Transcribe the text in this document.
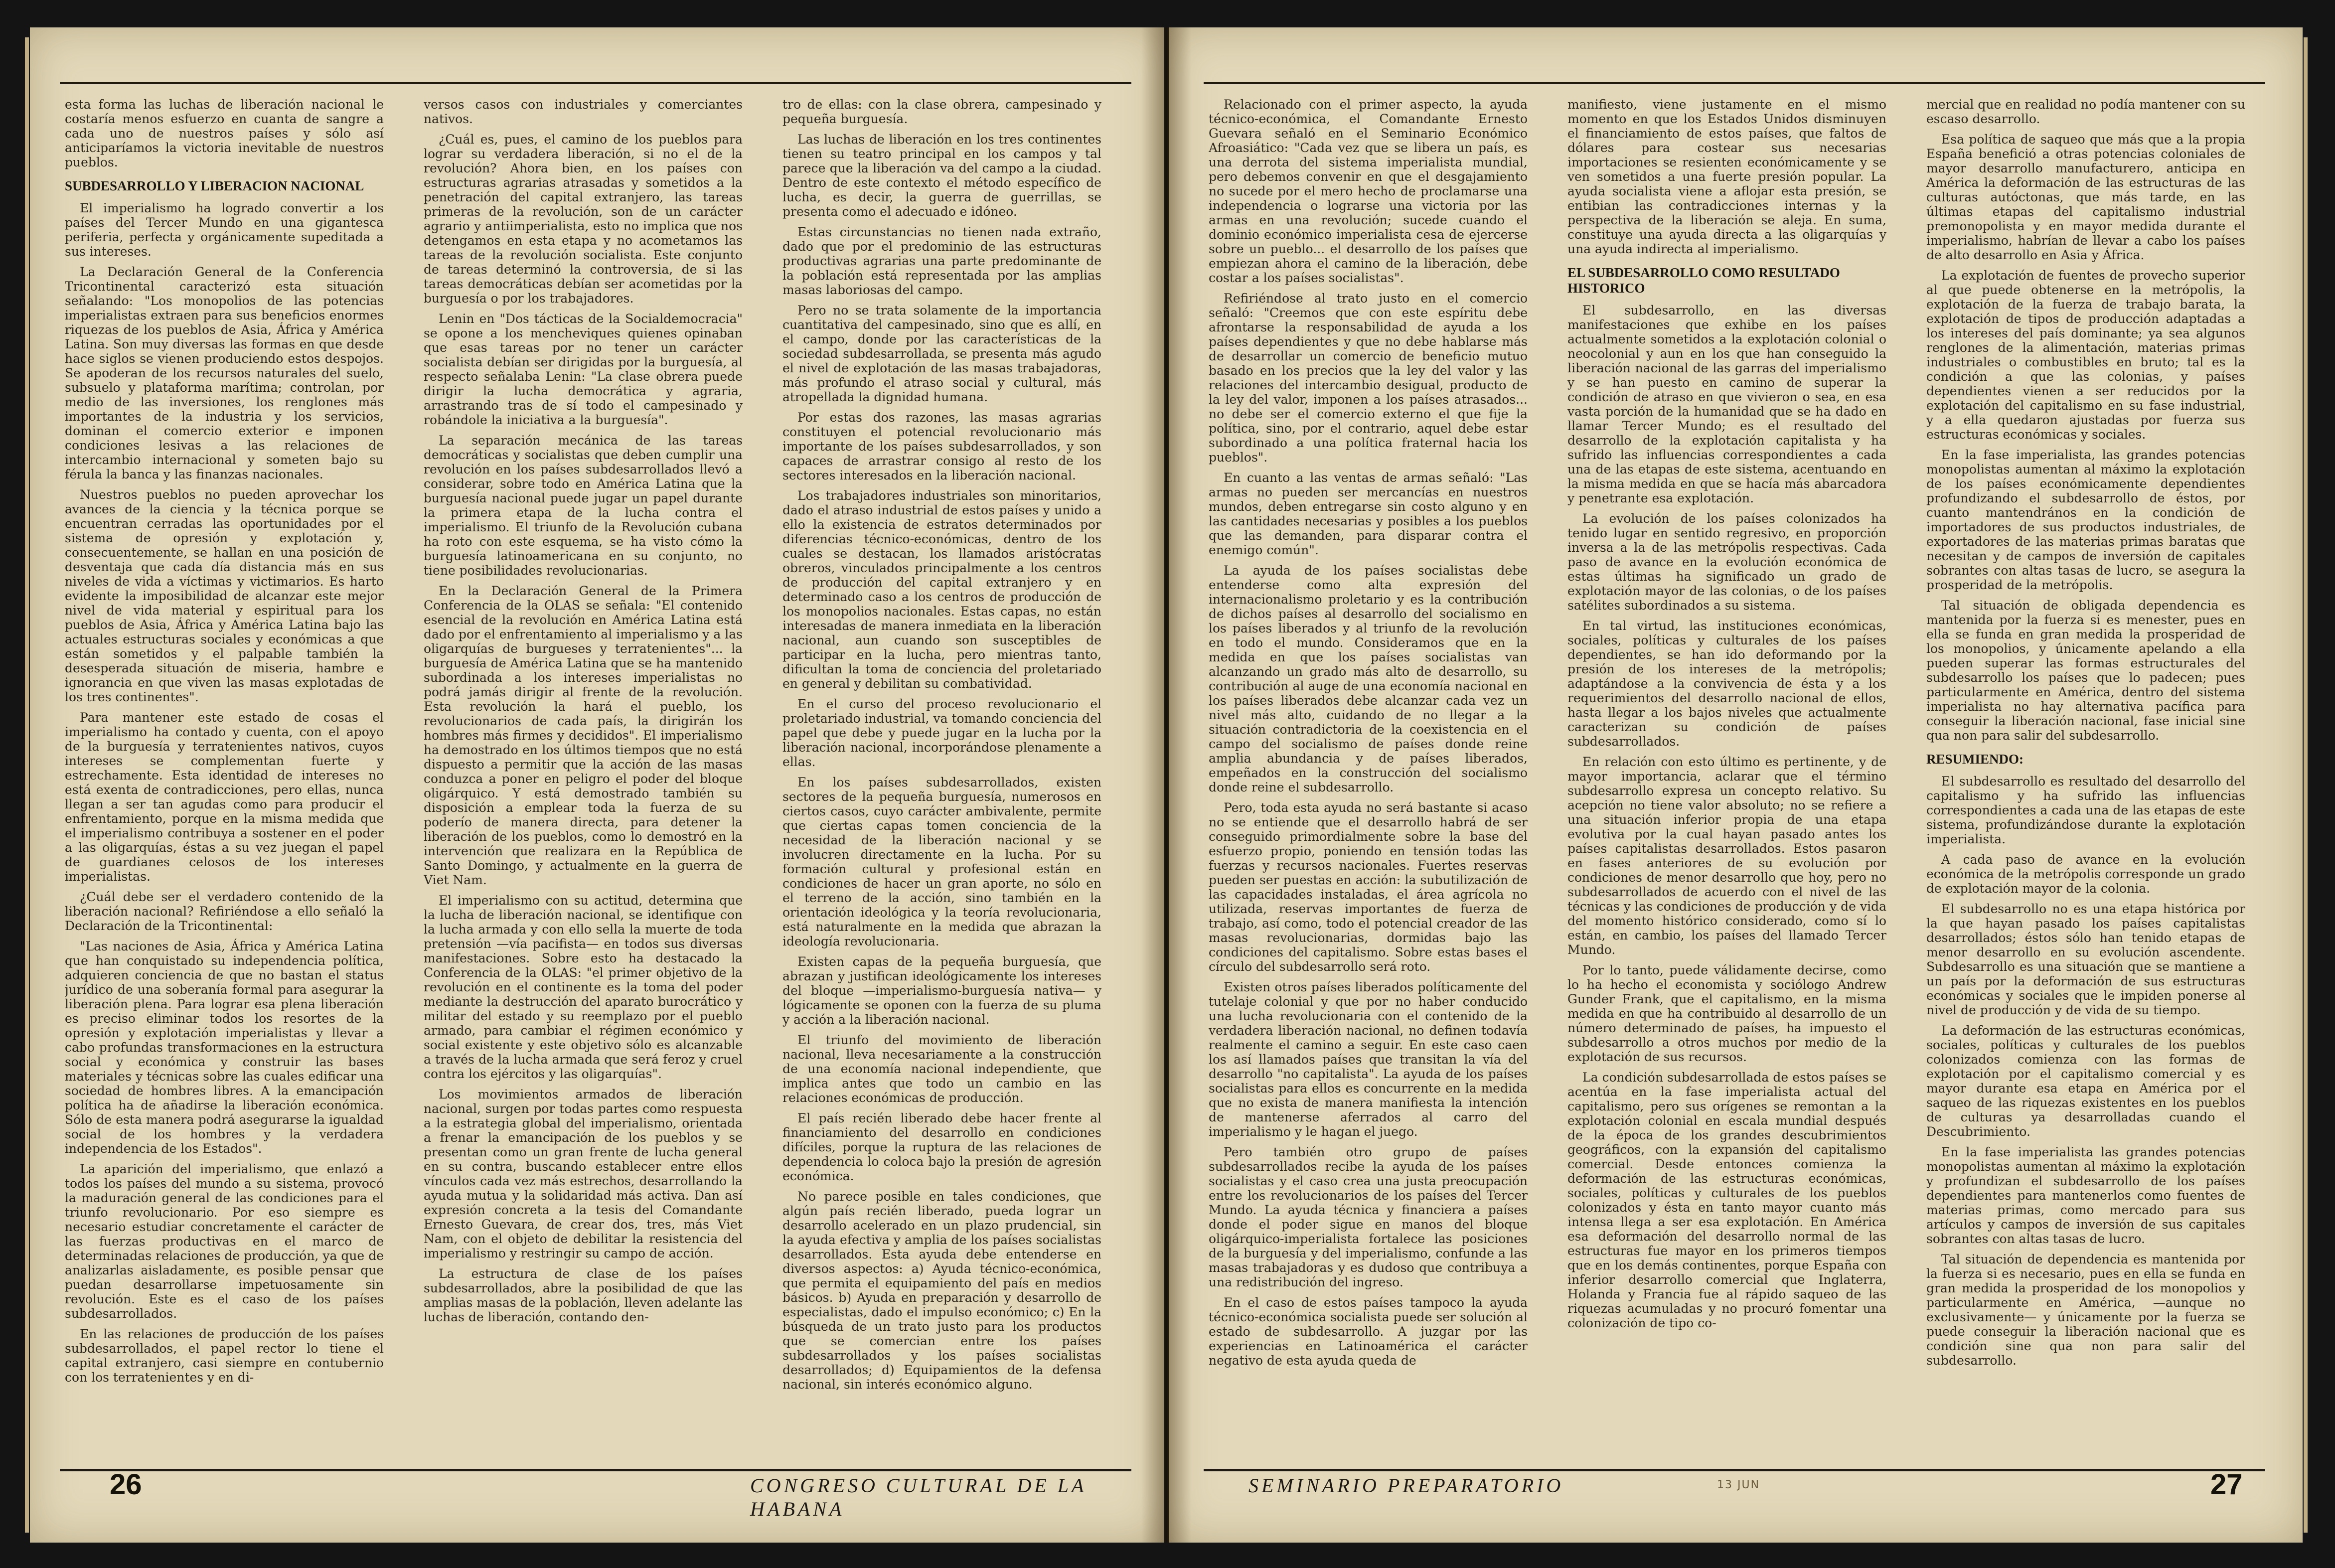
esta forma las luchas de liberación nacional le costaría menos esfuerzo en cuanta de sangre a cada uno de nuestros países y sólo así anticiparíamos la victoria inevitable de nuestros pueblos.

SUBDESARROLLO Y LIBERACION NACIONAL

El imperialismo ha logrado convertir a los países del Tercer Mundo en una gigantesca periferia, perfecta y orgánicamente supeditada a sus intereses.

La Declaración General de la Conferencia Tricontinental caracterizó esta situación señalando: "Los monopolios de las potencias imperialistas extraen para sus beneficios enormes riquezas de los pueblos de Asia, África y América Latina. Son muy diversas las formas en que desde hace siglos se vienen produciendo estos despojos. Se apoderan de los recursos naturales del suelo, subsuelo y plataforma marítima; controlan, por medio de las inversiones, los renglones más importantes de la industria y los servicios, dominan el comercio exterior e imponen condiciones lesivas a las relaciones de intercambio internacional y someten bajo su férula la banca y las finanzas nacionales.

Nuestros pueblos no pueden aprovechar los avances de la ciencia y la técnica porque se encuentran cerradas las oportunidades por el sistema de opresión y explotación y, consecuentemente, se hallan en una posición de desventaja que cada día distancia más en sus niveles de vida a víctimas y victimarios. Es harto evidente la imposibilidad de alcanzar este mejor nivel de vida material y espiritual para los pueblos de Asia, África y América Latina bajo las actuales estructuras sociales y económicas a que están sometidos y el palpable también la desesperada situación de miseria, hambre e ignorancia en que viven las masas explotadas de los tres continentes".

Para mantener este estado de cosas el imperialismo ha contado y cuenta, con el apoyo de la burguesía y terratenientes nativos, cuyos intereses se complementan fuerte y estrechamente. Esta identidad de intereses no está exenta de contradicciones, pero ellas, nunca llegan a ser tan agudas como para producir el enfrentamiento, porque en la misma medida que el imperialismo contribuya a sostener en el poder a las oligarquías, éstas a su vez juegan el papel de guardianes celosos de los intereses imperialistas.

¿Cuál debe ser el verdadero contenido de la liberación nacional? Refiriéndose a ello señaló la Declaración de la Tricontinental:

"Las naciones de Asia, África y América Latina que han conquistado su independencia política, adquieren conciencia de que no bastan el status jurídico de una soberanía formal para asegurar la liberación plena. Para lograr esa plena liberación es preciso eliminar todos los resortes de la opresión y explotación imperialistas y llevar a cabo profundas transformaciones en la estructura social y económica y construir las bases materiales y técnicas sobre las cuales edificar una sociedad de hombres libres. A la emancipación política ha de añadirse la liberación económica. Sólo de esta manera podrá asegurarse la igualdad social de los hombres y la verdadera independencia de los Estados".

La aparición del imperialismo, que enlazó a todos los países del mundo a su sistema, provocó la maduración general de las condiciones para el triunfo revolucionario. Por eso siempre es necesario estudiar concretamente el carácter de las fuerzas productivas en el marco de determinadas relaciones de producción, ya que de analizarlas aisladamente, es posible pensar que puedan desarrollarse impetuosamente sin revolución. Este es el caso de los países subdesarrollados.

En las relaciones de producción de los países subdesarrollados, el papel rector lo tiene el capital extranjero, casi siempre en contubernio con los terratenientes y en di-

versos casos con industriales y comerciantes nativos.

¿Cuál es, pues, el camino de los pueblos para lograr su verdadera liberación, si no el de la revolución? Ahora bien, en los países con estructuras agrarias atrasadas y sometidos a la penetración del capital extranjero, las tareas primeras de la revolución, son de un carácter agrario y antiimperialista, esto no implica que nos detengamos en esta etapa y no acometamos las tareas de la revolución socialista. Este conjunto de tareas determinó la controversia, de si las tareas democráticas debían ser acometidas por la burguesía o por los trabajadores.

Lenin en "Dos tácticas de la Socialdemocracia" se opone a los mencheviques quienes opinaban que esas tareas por no tener un carácter socialista debían ser dirigidas por la burguesía, al respecto señalaba Lenin: "La clase obrera puede dirigir la lucha democrática y agraria, arrastrando tras de sí todo el campesinado y robándole la iniciativa a la burguesía".

La separación mecánica de las tareas democráticas y socialistas que deben cumplir una revolución en los países subdesarrollados llevó a considerar, sobre todo en América Latina que la burguesía nacional puede jugar un papel durante la primera etapa de la lucha contra el imperialismo. El triunfo de la Revolución cubana ha roto con este esquema, se ha visto cómo la burguesía latinoamericana en su conjunto, no tiene posibilidades revolucionarias.

En la Declaración General de la Primera Conferencia de la OLAS se señala: "El contenido esencial de la revolución en América Latina está dado por el enfrentamiento al imperialismo y a las oligarquías de burgueses y terratenientes"... la burguesía de América Latina que se ha mantenido subordinada a los intereses imperialistas no podrá jamás dirigir al frente de la revolución. Esta revolución la hará el pueblo, los revolucionarios de cada país, la dirigirán los hombres más firmes y decididos". El imperialismo ha demostrado en los últimos tiempos que no está dispuesto a permitir que la acción de las masas conduzca a poner en peligro el poder del bloque oligárquico. Y está demostrado también su disposición a emplear toda la fuerza de su poderío de manera directa, para detener la liberación de los pueblos, como lo demostró en la intervención que realizara en la República de Santo Domingo, y actualmente en la guerra de Viet Nam.

El imperialismo con su actitud, determina que la lucha de liberación nacional, se identifique con la lucha armada y con ello sella la muerte de toda pretensión —vía pacifista— en todos sus diversas manifestaciones. Sobre esto ha destacado la Conferencia de la OLAS: "el primer objetivo de la revolución en el continente es la toma del poder mediante la destrucción del aparato burocrático y militar del estado y su reemplazo por el pueblo armado, para cambiar el régimen económico y social existente y este objetivo sólo es alcanzable a través de la lucha armada que será feroz y cruel contra los ejércitos y las oligarquías".

Los movimientos armados de liberación nacional, surgen por todas partes como respuesta a la estrategia global del imperialismo, orientada a frenar la emancipación de los pueblos y se presentan como un gran frente de lucha general en su contra, buscando establecer entre ellos vínculos cada vez más estrechos, desarrollando la ayuda mutua y la solidaridad más activa. Dan así expresión concreta a la tesis del Comandante Ernesto Guevara, de crear dos, tres, más Viet Nam, con el objeto de debilitar la resistencia del imperialismo y restringir su campo de acción.

La estructura de clase de los países subdesarrollados, abre la posibilidad de que las amplias masas de la población, lleven adelante las luchas de liberación, contando den-

tro de ellas: con la clase obrera, campesinado y pequeña burguesía.

Las luchas de liberación en los tres continentes tienen su teatro principal en los campos y tal parece que la liberación va del campo a la ciudad. Dentro de este contexto el método específico de lucha, es decir, la guerra de guerrillas, se presenta como el adecuado e idóneo.

Estas circunstancias no tienen nada extraño, dado que por el predominio de las estructuras productivas agrarias una parte predominante de la población está representada por las amplias masas laboriosas del campo.

Pero no se trata solamente de la importancia cuantitativa del campesinado, sino que es allí, en el campo, donde por las características de la sociedad subdesarrollada, se presenta más agudo el nivel de explotación de las masas trabajadoras, más profundo el atraso social y cultural, más atropellada la dignidad humana.

Por estas dos razones, las masas agrarias constituyen el potencial revolucionario más importante de los países subdesarrollados, y son capaces de arrastrar consigo al resto de los sectores interesados en la liberación nacional.

Los trabajadores industriales son minoritarios, dado el atraso industrial de estos países y unido a ello la existencia de estratos determinados por diferencias técnico-económicas, dentro de los cuales se destacan, los llamados aristócratas obreros, vinculados principalmente a los centros de producción del capital extranjero y en determinado caso a los centros de producción de los monopolios nacionales. Estas capas, no están interesadas de manera inmediata en la liberación nacional, aun cuando son susceptibles de participar en la lucha, pero mientras tanto, dificultan la toma de conciencia del proletariado en general y debilitan su combatividad.

En el curso del proceso revolucionario el proletariado industrial, va tomando conciencia del papel que debe y puede jugar en la lucha por la liberación nacional, incorporándose plenamente a ellas.

En los países subdesarrollados, existen sectores de la pequeña burguesía, numerosos en ciertos casos, cuyo carácter ambivalente, permite que ciertas capas tomen conciencia de la necesidad de la liberación nacional y se involucren directamente en la lucha. Por su formación cultural y profesional están en condiciones de hacer un gran aporte, no sólo en el terreno de la acción, sino también en la orientación ideológica y la teoría revolucionaria, está naturalmente en la medida que abrazan la ideología revolucionaria.

Existen capas de la pequeña burguesía, que abrazan y justifican ideológicamente los intereses del bloque —imperialismo-burguesía nativa— y lógicamente se oponen con la fuerza de su pluma y acción a la liberación nacional.

El triunfo del movimiento de liberación nacional, lleva necesariamente a la construcción de una economía nacional independiente, que implica antes que todo un cambio en las relaciones económicas de producción.

El país recién liberado debe hacer frente al financiamiento del desarrollo en condiciones difíciles, porque la ruptura de las relaciones de dependencia lo coloca bajo la presión de agresión económica.

No parece posible en tales condiciones, que algún país recién liberado, pueda lograr un desarrollo acelerado en un plazo prudencial, sin la ayuda efectiva y amplia de los países socialistas desarrollados. Esta ayuda debe entenderse en diversos aspectos: a) Ayuda técnico-económica, que permita el equipamiento del país en medios básicos. b) Ayuda en preparación y desarrollo de especialistas, dado el impulso económico; c) En la búsqueda de un trato justo para los productos que se comercian entre los países subdesarrollados y los países socialistas desarrollados; d) Equipamientos de la defensa nacional, sin interés económico alguno.

26	CONGRESO CULTURAL DE LA HABANA

Relacionado con el primer aspecto, la ayuda técnico-económica, el Comandante Ernesto Guevara señaló en el Seminario Económico Afroasiático: "Cada vez que se libera un país, es una derrota del sistema imperialista mundial, pero debemos convenir en que el desgajamiento no sucede por el mero hecho de proclamarse una independencia o lograrse una victoria por las armas en una revolución; sucede cuando el dominio económico imperialista cesa de ejercerse sobre un pueblo... el desarrollo de los países que empiezan ahora el camino de la liberación, debe costar a los países socialistas".

Refiriéndose al trato justo en el comercio señaló: "Creemos que con este espíritu debe afrontarse la responsabilidad de ayuda a los países dependientes y que no debe hablarse más de desarrollar un comercio de beneficio mutuo basado en los precios que la ley del valor y las relaciones del intercambio desigual, producto de la ley del valor, imponen a los países atrasados... no debe ser el comercio externo el que fije la política, sino, por el contrario, aquel debe estar subordinado a una política fraternal hacia los pueblos".

En cuanto a las ventas de armas señaló: "Las armas no pueden ser mercancías en nuestros mundos, deben entregarse sin costo alguno y en las cantidades necesarias y posibles a los pueblos que las demanden, para disparar contra el enemigo común".

La ayuda de los países socialistas debe entenderse como alta expresión del internacionalismo proletario y es la contribución de dichos países al desarrollo del socialismo en los países liberados y al triunfo de la revolución en todo el mundo. Consideramos que en la medida en que los países socialistas van alcanzando un grado más alto de desarrollo, su contribución al auge de una economía nacional en los países liberados debe alcanzar cada vez un nivel más alto, cuidando de no llegar a la situación contradictoria de la coexistencia en el campo del socialismo de países donde reine amplia abundancia y de países liberados, empeñados en la construcción del socialismo donde reine el subdesarrollo.

Pero, toda esta ayuda no será bastante si acaso no se entiende que el desarrollo habrá de ser conseguido primordialmente sobre la base del esfuerzo propio, poniendo en tensión todas las fuerzas y recursos nacionales. Fuertes reservas pueden ser puestas en acción: la subutilización de las capacidades instaladas, el área agrícola no utilizada, reservas importantes de fuerza de trabajo, así como, todo el potencial creador de las masas revolucionarias, dormidas bajo las condiciones del capitalismo. Sobre estas bases el círculo del subdesarrollo será roto.

Existen otros países liberados políticamente del tutelaje colonial y que por no haber conducido una lucha revolucionaria con el contenido de la verdadera liberación nacional, no definen todavía realmente el camino a seguir. En este caso caen los así llamados países que transitan la vía del desarrollo "no capitalista". La ayuda de los países socialistas para ellos es concurrente en la medida que no exista de manera manifiesta la intención de mantenerse aferrados al carro del imperialismo y le hagan el juego.

Pero también otro grupo de países subdesarrollados recibe la ayuda de los países socialistas y el caso crea una justa preocupación entre los revolucionarios de los países del Tercer Mundo. La ayuda técnica y financiera a países donde el poder sigue en manos del bloque oligárquico-imperialista fortalece las posiciones de la burguesía y del imperialismo, confunde a las masas trabajadoras y es dudoso que contribuya a una redistribución del ingreso.

En el caso de estos países tampoco la ayuda técnico-económica socialista puede ser solución al estado de subdesarrollo. A juzgar por las experiencias en Latinoamérica el carácter negativo de esta ayuda queda de

manifiesto, viene justamente en el mismo momento en que los Estados Unidos disminuyen el financiamiento de estos países, que faltos de dólares para costear sus necesarias importaciones se resienten económicamente y se ven sometidos a una fuerte presión popular. La ayuda socialista viene a aflojar esta presión, se entibian las contradicciones internas y la perspectiva de la liberación se aleja. En suma, constituye una ayuda directa a las oligarquías y una ayuda indirecta al imperialismo.

EL SUBDESARROLLO COMO RESULTADO HISTORICO

El subdesarrollo, en las diversas manifestaciones que exhibe en los países actualmente sometidos a la explotación colonial o neocolonial y aun en los que han conseguido la liberación nacional de las garras del imperialismo y se han puesto en camino de superar la condición de atraso en que vivieron o sea, en esa vasta porción de la humanidad que se ha dado en llamar Tercer Mundo; es el resultado del desarrollo de la explotación capitalista y ha sufrido las influencias correspondientes a cada una de las etapas de este sistema, acentuando en la misma medida en que se hacía más abarcadora y penetrante esa explotación.

La evolución de los países colonizados ha tenido lugar en sentido regresivo, en proporción inversa a la de las metrópolis respectivas. Cada paso de avance en la evolución económica de estas últimas ha significado un grado de explotación mayor de las colonias, o de los países satélites subordinados a su sistema.

En tal virtud, las instituciones económicas, sociales, políticas y culturales de los países dependientes, se han ido deformando por la presión de los intereses de la metrópolis; adaptándose a la convivencia de ésta y a los requerimientos del desarrollo nacional de ellos, hasta llegar a los bajos niveles que actualmente caracterizan su condición de países subdesarrollados.

En relación con esto último es pertinente, y de mayor importancia, aclarar que el término subdesarrollo expresa un concepto relativo. Su acepción no tiene valor absoluto; no se refiere a una situación inferior propia de una etapa evolutiva por la cual hayan pasado antes los países capitalistas desarrollados. Estos pasaron en fases anteriores de su evolución por condiciones de menor desarrollo que hoy, pero no subdesarrollados de acuerdo con el nivel de las técnicas y las condiciones de producción y de vida del momento histórico considerado, como sí lo están, en cambio, los países del llamado Tercer Mundo.

Por lo tanto, puede válidamente decirse, como lo ha hecho el economista y sociólogo Andrew Gunder Frank, que el capitalismo, en la misma medida en que ha contribuido al desarrollo de un número determinado de países, ha impuesto el subdesarrollo a otros muchos por medio de la explotación de sus recursos.

La condición subdesarrollada de estos países se acentúa en la fase imperialista actual del capitalismo, pero sus orígenes se remontan a la explotación colonial en escala mundial después de la época de los grandes descubrimientos geográficos, con la expansión del capitalismo comercial. Desde entonces comienza la deformación de las estructuras económicas, sociales, políticas y culturales de los pueblos colonizados y ésta en tanto mayor cuanto más intensa llega a ser esa explotación. En América esa deformación del desarrollo normal de las estructuras fue mayor en los primeros tiempos que en los demás continentes, porque España con inferior desarrollo comercial que Inglaterra, Holanda y Francia fue al rápido saqueo de las riquezas acumuladas y no procuró fomentar una colonización de tipo co-

mercial que en realidad no podía mantener con su escaso desarrollo.

Esa política de saqueo que más que a la propia España benefició a otras potencias coloniales de mayor desarrollo manufacturero, anticipa en América la deformación de las estructuras de las culturas autóctonas, que más tarde, en las últimas etapas del capitalismo industrial premonopolista y en mayor medida durante el imperialismo, habrían de llevar a cabo los países de alto desarrollo en Asia y África.

La explotación de fuentes de provecho superior al que puede obtenerse en la metrópolis, la explotación de la fuerza de trabajo barata, la explotación de tipos de producción adaptadas a los intereses del país dominante; ya sea algunos renglones de la alimentación, materias primas industriales o combustibles en bruto; tal es la condición a que las colonias, y países dependientes vienen a ser reducidos por la explotación del capitalismo en su fase industrial, y a ella quedaron ajustadas por fuerza sus estructuras económicas y sociales.

En la fase imperialista, las grandes potencias monopolistas aumentan al máximo la explotación de los países económicamente dependientes profundizando el subdesarrollo de éstos, por cuanto mantendrános en la condición de importadores de sus productos industriales, de exportadores de las materias primas baratas que necesitan y de campos de inversión de capitales sobrantes con altas tasas de lucro, se asegura la prosperidad de la metrópolis.

Tal situación de obligada dependencia es mantenida por la fuerza si es menester, pues en ella se funda en gran medida la prosperidad de los monopolios, y únicamente apelando a ella pueden superar las formas estructurales del subdesarrollo los países que lo padecen; pues particularmente en América, dentro del sistema imperialista no hay alternativa pacífica para conseguir la liberación nacional, fase inicial sine qua non para salir del subdesarrollo.

RESUMIENDO:

El subdesarrollo es resultado del desarrollo del capitalismo y ha sufrido las influencias correspondientes a cada una de las etapas de este sistema, profundizándose durante la explotación imperialista.

A cada paso de avance en la evolución económica de la metrópolis corresponde un grado de explotación mayor de la colonia.

El subdesarrollo no es una etapa histórica por la que hayan pasado los países capitalistas desarrollados; éstos sólo han tenido etapas de menor desarrollo en su evolución ascendente. Subdesarrollo es una situación que se mantiene a un país por la deformación de sus estructuras económicas y sociales que le impiden ponerse al nivel de producción y de vida de su tiempo.

La deformación de las estructuras económicas, sociales, políticas y culturales de los pueblos colonizados comienza con las formas de explotación por el capitalismo comercial y es mayor durante esa etapa en América por el saqueo de las riquezas existentes en los pueblos de culturas ya desarrolladas cuando el Descubrimiento.

En la fase imperialista las grandes potencias monopolistas aumentan al máximo la explotación y profundizan el subdesarrollo de los países dependientes para mantenerlos como fuentes de materias primas, como mercado para sus artículos y campos de inversión de sus capitales sobrantes con altas tasas de lucro.

Tal situación de dependencia es mantenida por la fuerza si es necesario, pues en ella se funda en gran medida la prosperidad de los monopolios y particularmente en América, —aunque no exclusivamente— y únicamente por la fuerza se puede conseguir la liberación nacional que es condición sine qua non para salir del subdesarrollo.

SEMINARIO PREPARATORIO	13 JUN	27
